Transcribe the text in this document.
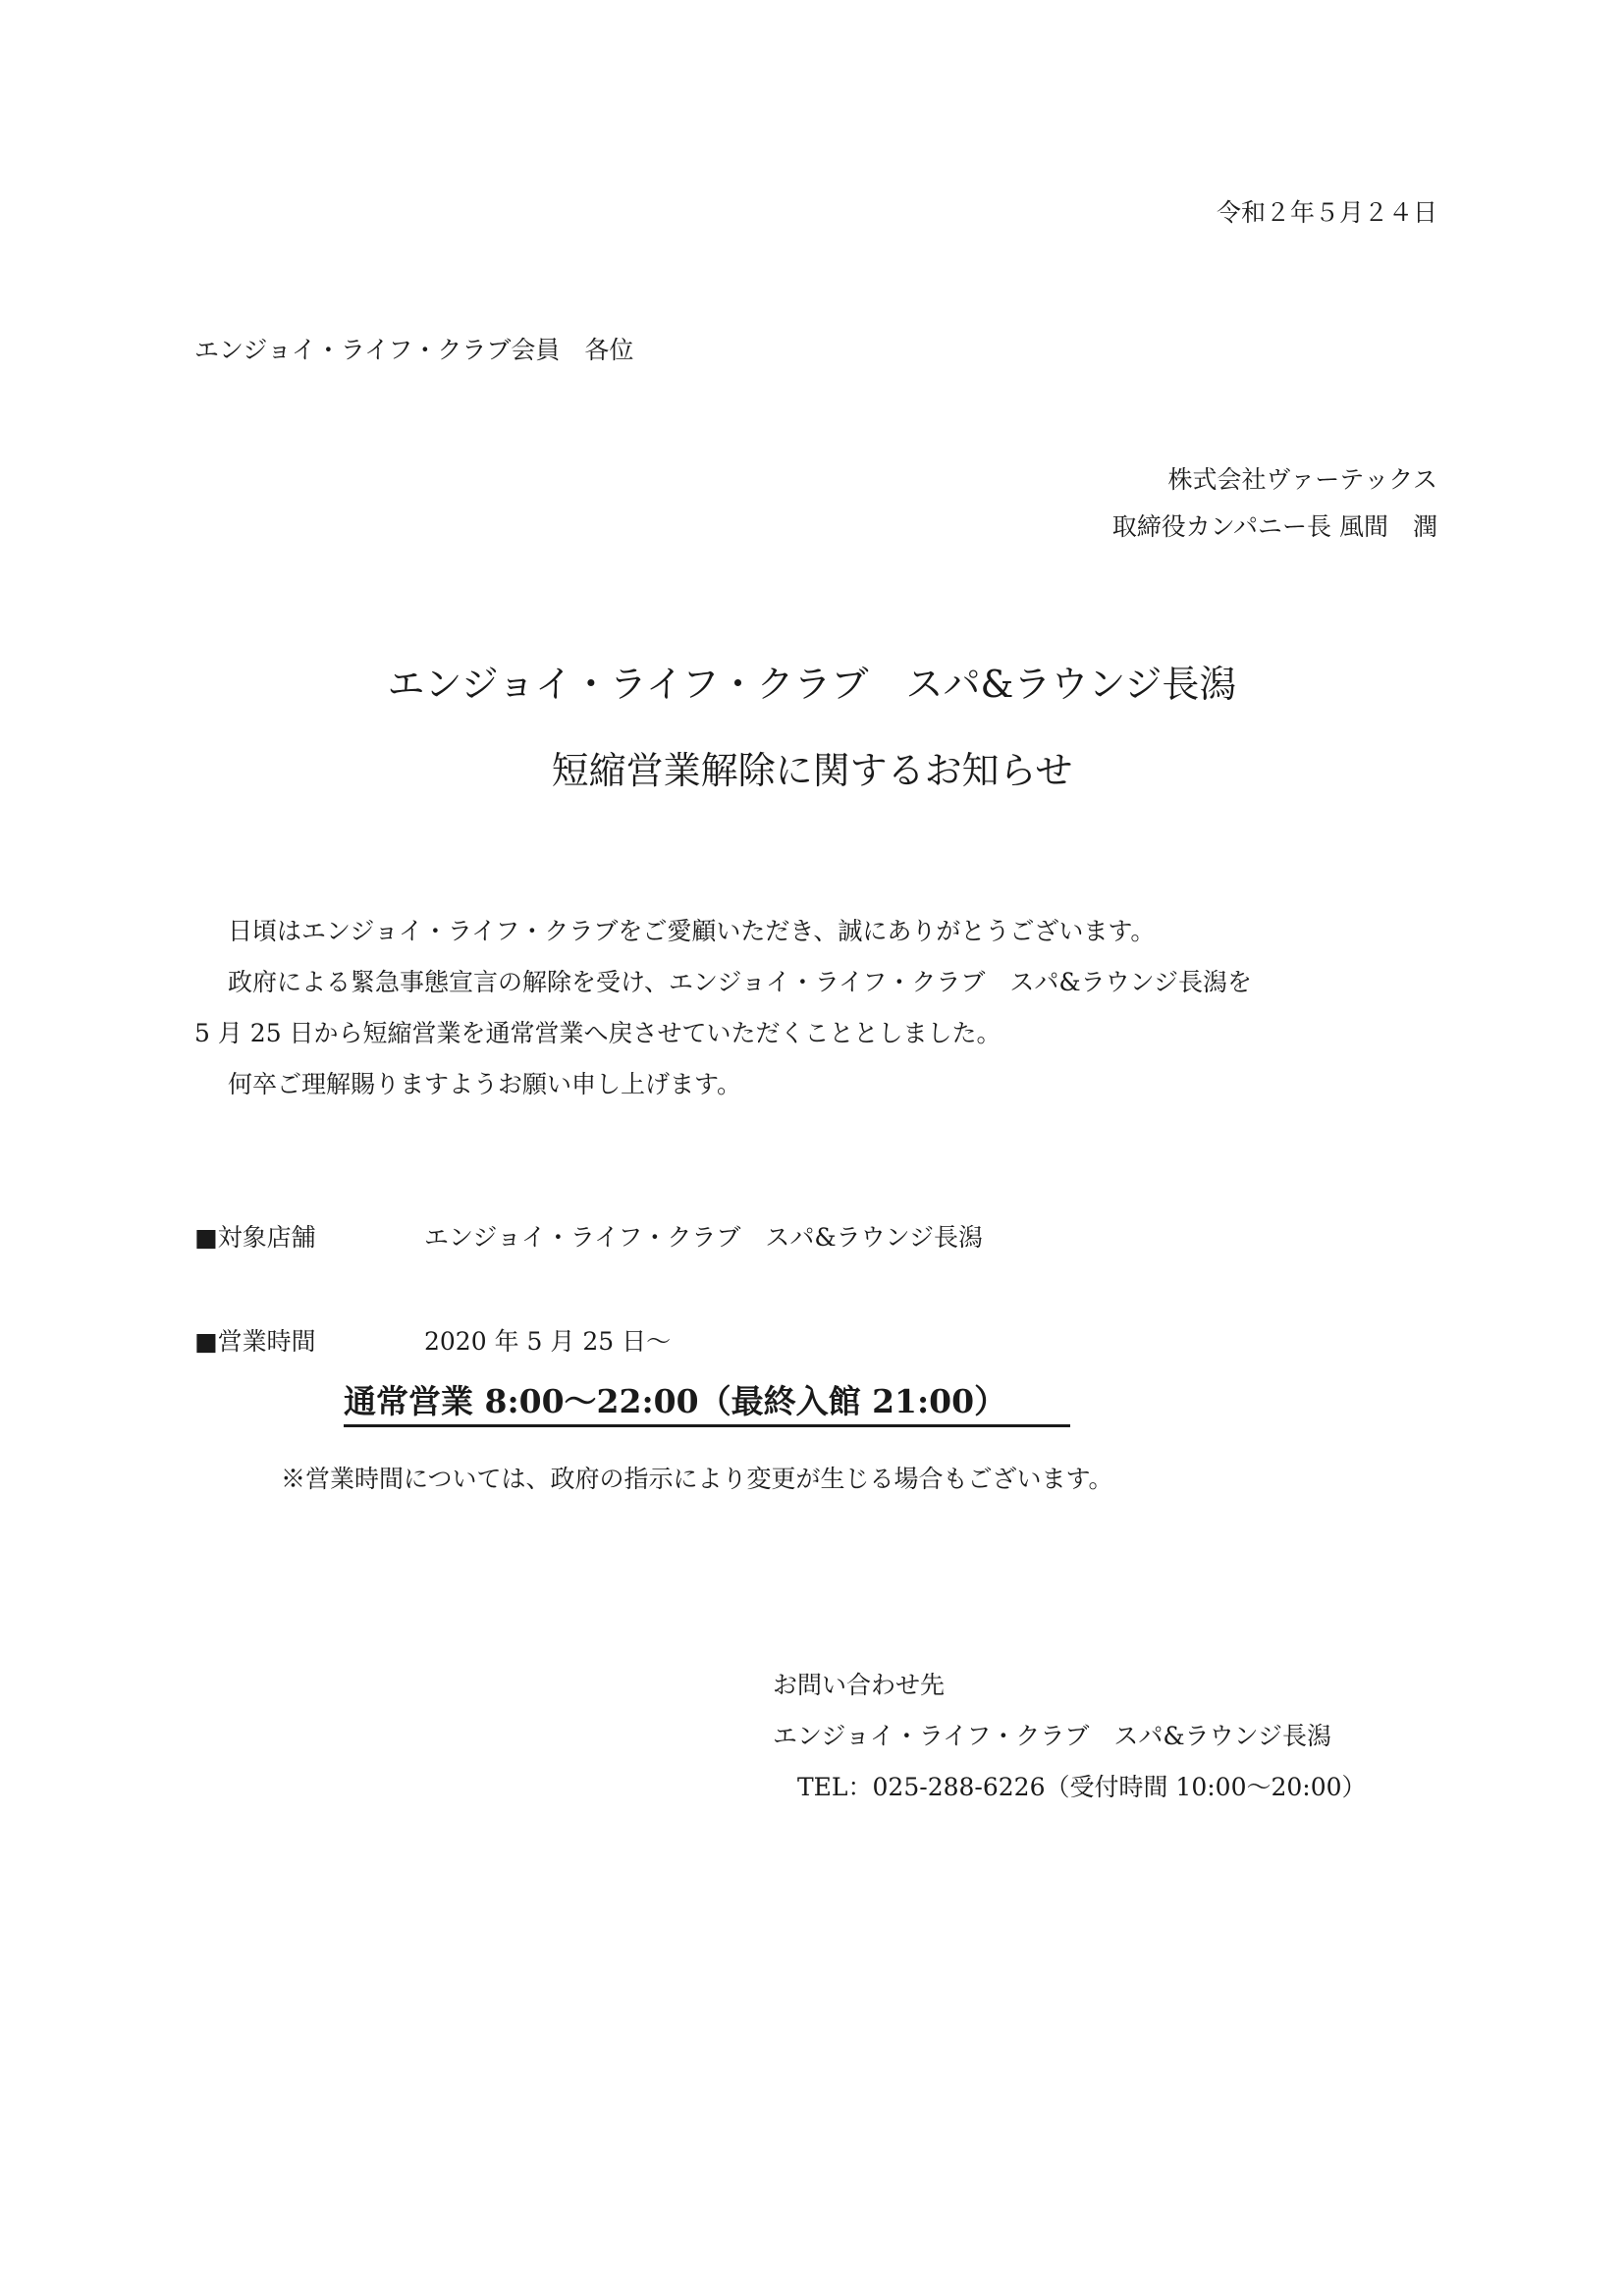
令和２年５月２４日
エンジョイ・ライフ・クラブ会員　各位
株式会社ヴァーテックス
取締役カンパニー長 風間　潤
エンジョイ・ライフ・クラブ　スパ&ラウンジ長潟
短縮営業解除に関するお知らせ
日頃はエンジョイ・ライフ・クラブをご愛顧いただき、誠にありがとうございます。
政府による緊急事態宣言の解除を受け、エンジョイ・ライフ・クラブ　スパ&ラウンジ長潟を
5 月 25 日から短縮営業を通常営業へ戻させていただくこととしました。
何卒ご理解賜りますようお願い申し上げます。
■対象店舗	エンジョイ・ライフ・クラブ　スパ&ラウンジ長潟
■営業時間	2020 年 5 月 25 日～
通常営業 8:00～22:00（最終入館 21:00）
※営業時間については、政府の指示により変更が生じる場合もございます。
お問い合わせ先
エンジョイ・ライフ・クラブ　スパ&ラウンジ長潟
TEL：025-288-6226（受付時間 10:00～20:00）
